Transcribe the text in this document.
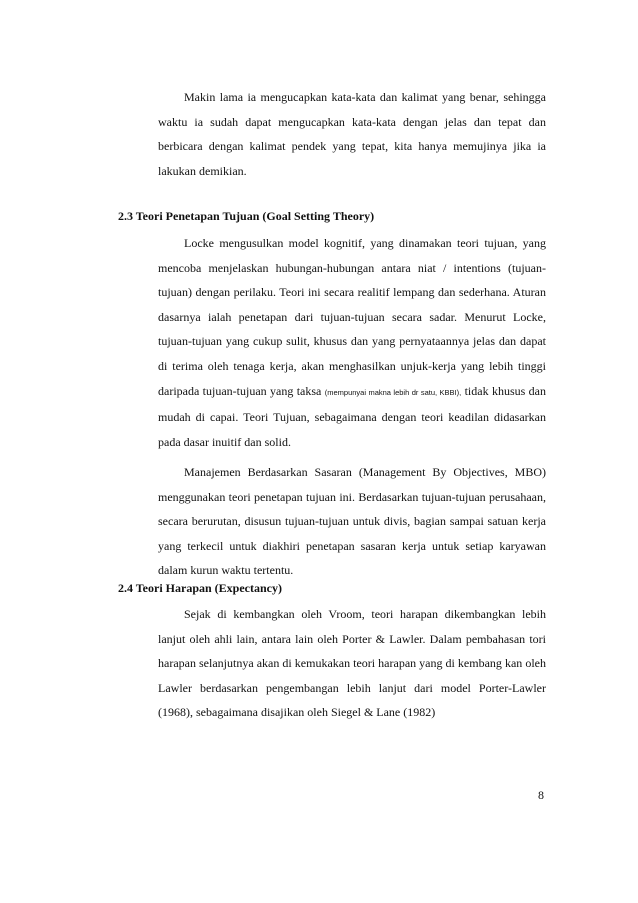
Makin lama ia mengucapkan kata-kata dan kalimat yang benar, sehingga waktu ia sudah dapat mengucapkan kata-kata dengan jelas dan tepat dan berbicara dengan kalimat pendek yang tepat, kita hanya memujinya jika ia lakukan demikian.

2.3 Teori Penetapan Tujuan (Goal Setting Theory)

Locke mengusulkan model kognitif, yang dinamakan teori tujuan, yang mencoba menjelaskan hubungan-hubungan antara niat / intentions (tujuan-tujuan) dengan perilaku. Teori ini secara realitif lempang dan sederhana. Aturan dasarnya ialah penetapan dari tujuan-tujuan secara sadar. Menurut Locke, tujuan-tujuan yang cukup sulit, khusus dan yang pernyataannya jelas dan dapat di terima oleh tenaga kerja, akan menghasilkan unjuk-kerja yang lebih tinggi daripada tujuan-tujuan yang taksa (mempunyai makna lebih dr satu, KBBI), tidak khusus dan mudah di capai. Teori Tujuan, sebagaimana dengan teori keadilan didasarkan pada dasar inuitif dan solid.

Manajemen Berdasarkan Sasaran (Management By Objectives, MBO) menggunakan teori penetapan tujuan ini. Berdasarkan tujuan-tujuan perusahaan, secara berurutan, disusun tujuan-tujuan untuk divis, bagian sampai satuan kerja yang terkecil untuk diakhiri penetapan sasaran kerja untuk setiap karyawan dalam kurun waktu tertentu.

2.4 Teori Harapan (Expectancy)

Sejak di kembangkan oleh Vroom, teori harapan dikembangkan lebih lanjut oleh ahli lain, antara lain oleh Porter & Lawler. Dalam pembahasan tori harapan selanjutnya akan di kemukakan teori harapan yang di kembang kan oleh Lawler berdasarkan pengembangan lebih lanjut dari model Porter-Lawler (1968), sebagaimana disajikan oleh Siegel & Lane (1982)

8
